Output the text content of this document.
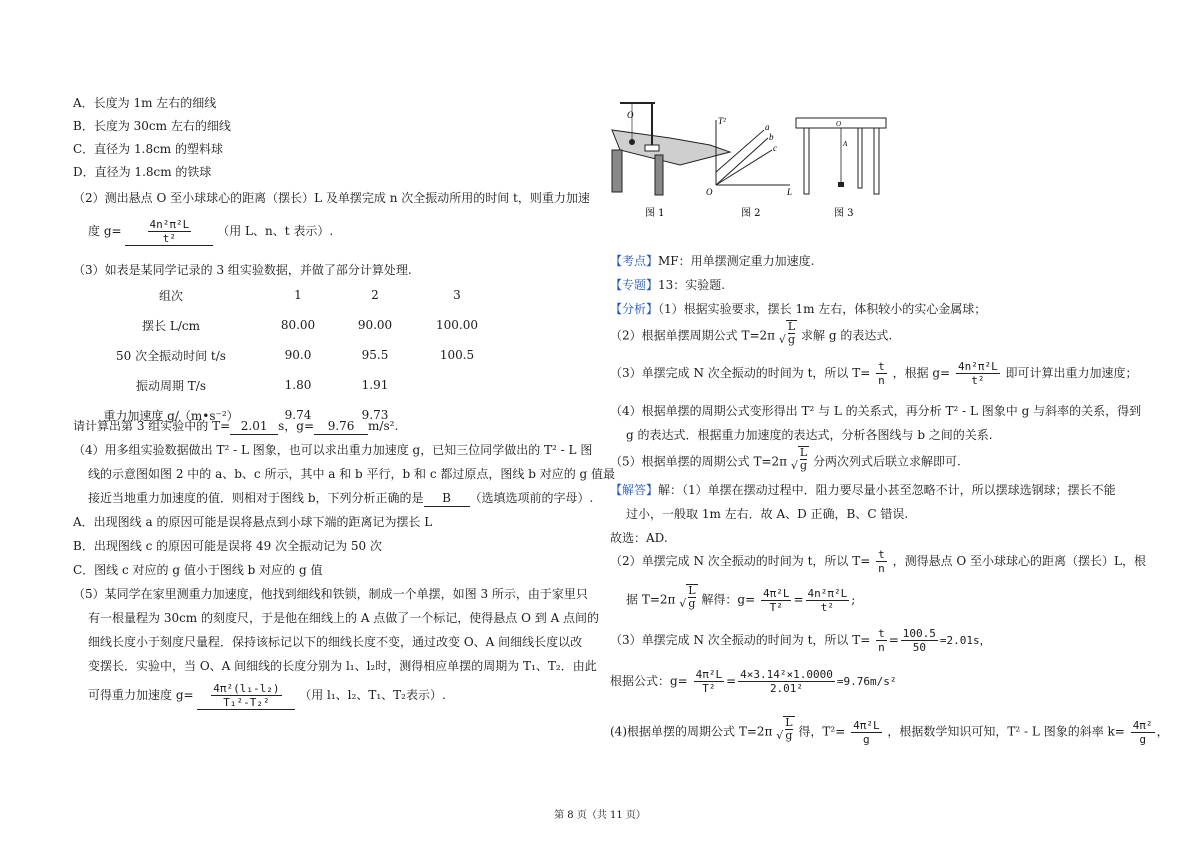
A．长度为 1m 左右的细线
B．长度为 30cm 左右的细线
C．直径为 1.8cm 的塑料球
D．直径为 1.8cm 的铁球
（2）测出悬点 O 至小球球心的距离（摆长）L 及单摆完成 n 次全振动所用的时间 t，则重力加速
度 $g= \frac{\text{4n²π²L}}{\text{t²}}$ （用 L、n、t 表示）.
（3）如表是某同学记录的 3 组实验数据，并做了部分计算处理.
组次	1	2	3
摆长 L/cm	80.00	90.00	100.00
50 次全振动时间 t/s	90.0	95.5	100.5
振动周期 T/s	1.80	1.91	
重力加速度 g/（m•s⁻²）	9.74	9.73	
请计算出第 3 组实验中的 T= 2.01 s，g= 9.76 m/s².
（4）用多组实验数据做出 T² - L 图象，也可以求出重力加速度 g，已知三位同学做出的 T² - L 图
线的示意图如图 2 中的 a、b、c 所示，其中 a 和 b 平行，b 和 c 都过原点，图线 b 对应的 g 值最
接近当地重力加速度的值．则相对于图线 b，下列分析正确的是 B （选填选项前的字母）.
A．出现图线 a 的原因可能是误将悬点到小球下端的距离记为摆长 L
B．出现图线 c 的原因可能是误将 49 次全振动记为 50 次
C．图线 c 对应的 g 值小于图线 b 对应的 g 值
（5）某同学在家里测重力加速度，他找到细线和铁锁，制成一个单摆，如图 3 所示，由于家里只
有一根量程为 30cm 的刻度尺，于是他在细线上的 A 点做了一个标记，使得悬点 O 到 A 点间的
细线长度小于刻度尺量程．保持该标记以下的细线长度不变，通过改变 O、A 间细线长度以改
变摆长．实验中，当 O、A 间细线的长度分别为 l₁、l₂时，测得相应单摆的周期为 T₁、T₂．由此
可得重力加速度 $g= \frac{\text{4π²(l₁-l₂)}}{\text{T₁²-T₂²}}$ （用 l₁、l₂、T₁、T₂表示）.
O
T²
L
O
a
b
c
O
A
图 1	图 2	图 3
【考点】MF：用单摆测定重力加速度.
【专题】13：实验题.
【分析】（1）根据实验要求，摆长 1m 左右，体积较小的实心金属球；
（2）根据单摆周期公式 T=2π √ $\frac{L}{g}$ 求解 g 的表达式.
（3）单摆完成 N 次全振动的时间为 t，所以 $T= \frac{t}{n}$ ，根据 $g= \frac{\text{4n²π²L}}{\text{t²}}$ 即可计算出重力加速度；
（4）根据单摆的周期公式变形得出 T² 与 L 的关系式，再分析 T² - L 图象中 g 与斜率的关系，得到
g 的表达式．根据重力加速度的表达式，分析各图线与 b 之间的关系.
（5）根据单摆的周期公式 T=2π √ $\frac{L}{g}$ 分两次列式后联立求解即可.
【解答】解：（1）单摆在摆动过程中．阻力要尽量小甚至忽略不计，所以摆球选钢球；摆长不能
过小，一般取 1m 左右．故 A、D 正确，B、C 错误.
故选：AD.
（2）单摆完成 N 次全振动的时间为 t，所以 $T= \frac{t}{n}$ ，测得悬点 O 至小球球心的距离（摆长）L，根
据 T=2π √ $\frac{L}{g}$ 解得：$g= \frac{\text{4π²L}}{\text{T²}} = \frac{\text{4n²π²L}}{\text{t²}}$ ;
（3）单摆完成 N 次全振动的时间为 t，所以 $T= \frac{t}{n} = \frac{100.5}{50} =2.01s$，
根据公式：$g= \frac{\text{4π²L}}{\text{T²}} = \frac{\text{4×3.14²×1.0000}}{\text{2.01²}} =9.76m/s^2$
(4)根据单摆的周期公式 T=2π √ $\frac{L}{g}$ 得，$T^2= \frac{\text{4π²L}}{g}$ ，根据数学知识可知，T² - L 图象的斜率 $k= \frac{\text{4π²}}{g}$ ，
第 8 页（共 11 页）
